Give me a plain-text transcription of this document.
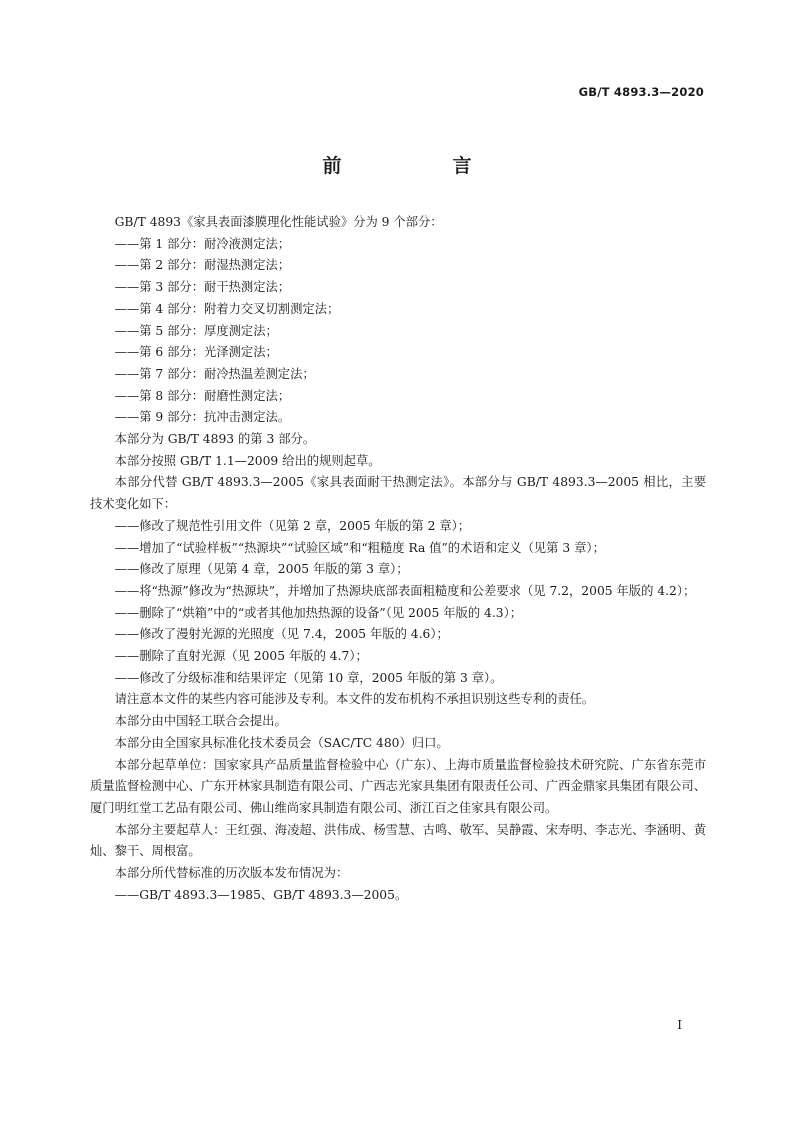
GB/T 4893.3—2020
前　言

GB/T 4893《家具表面漆膜理化性能试验》分为 9 个部分：

——第 1 部分：耐冷液测定法；

——第 2 部分：耐湿热测定法；

——第 3 部分：耐干热测定法；

——第 4 部分：附着力交叉切割测定法；

——第 5 部分：厚度测定法；

——第 6 部分：光泽测定法；

——第 7 部分：耐冷热温差测定法；

——第 8 部分：耐磨性测定法；

——第 9 部分：抗冲击测定法。

本部分为 GB/T 4893 的第 3 部分。

本部分按照 GB/T 1.1—2009 给出的规则起草。

本部分代替 GB/T 4893.3—2005《家具表面耐干热测定法》。本部分与 GB/T 4893.3—2005 相比，主要技术变化如下：

——修改了规范性引用文件（见第 2 章，2005 年版的第 2 章）；

——增加了“试验样板”“热源块”“试验区域”和“粗糙度 Ra 值”的术语和定义（见第 3 章）；

——修改了原理（见第 4 章，2005 年版的第 3 章）；

——将“热源”修改为“热源块”，并增加了热源块底部表面粗糙度和公差要求（见 7.2，2005 年版的 4.2）；

——删除了“烘箱”中的“或者其他加热热源的设备”（见 2005 年版的 4.3）；

——修改了漫射光源的光照度（见 7.4，2005 年版的 4.6）；

——删除了直射光源（见 2005 年版的 4.7）；

——修改了分级标准和结果评定（见第 10 章，2005 年版的第 3 章）。

请注意本文件的某些内容可能涉及专利。本文件的发布机构不承担识别这些专利的责任。

本部分由中国轻工联合会提出。

本部分由全国家具标准化技术委员会（SAC/TC 480）归口。

本部分起草单位：国家家具产品质量监督检验中心（广东）、上海市质量监督检验技术研究院、广东省东莞市质量监督检测中心、广东开林家具制造有限公司、广西志光家具集团有限责任公司、广西金鼎家具集团有限公司、厦门明红堂工艺品有限公司、佛山维尚家具制造有限公司、浙江百之佳家具有限公司。

本部分主要起草人：王红强、海凌超、洪伟成、杨雪慧、古鸣、敬军、吴静霞、宋寿明、李志光、李涵明、黄灿、黎干、周根富。

本部分所代替标准的历次版本发布情况为：

——GB/T 4893.3—1985、GB/T 4893.3—2005。

I
